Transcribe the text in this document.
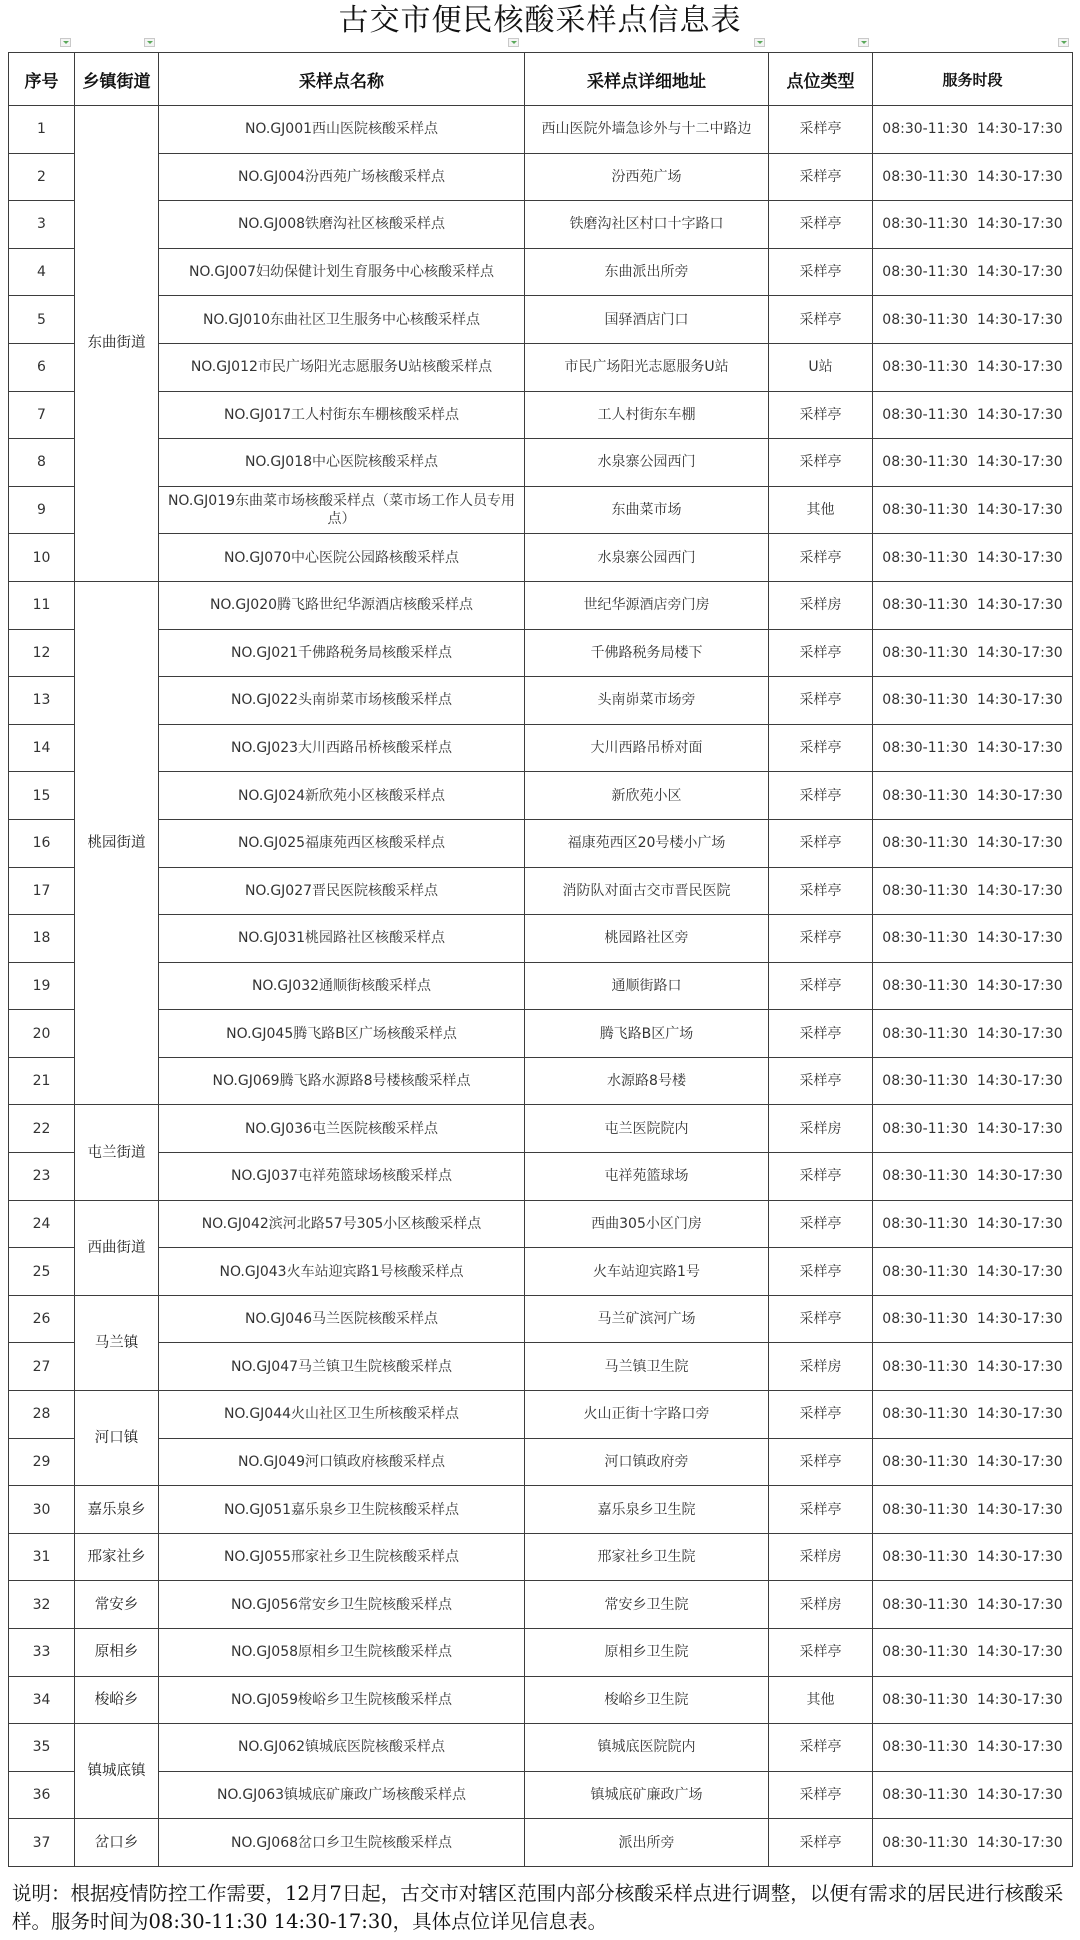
古交市便民核酸采样点信息表
序号	乡镇街道	采样点名称	采样点详细地址	点位类型	服务时段
1	东曲街道	NO.GJ001西山医院核酸采样点	西山医院外墙急诊外与十二中路边	采样亭	08:30-11:30  14:30-17:30
2		NO.GJ004汾西苑广场核酸采样点	汾西苑广场	采样亭	08:30-11:30  14:30-17:30
3		NO.GJ008铁磨沟社区核酸采样点	铁磨沟社区村口十字路口	采样亭	08:30-11:30  14:30-17:30
4		NO.GJ007妇幼保健计划生育服务中心核酸采样点	东曲派出所旁	采样亭	08:30-11:30  14:30-17:30
5		NO.GJ010东曲社区卫生服务中心核酸采样点	国驿酒店门口	采样亭	08:30-11:30  14:30-17:30
6		NO.GJ012市民广场阳光志愿服务U站核酸采样点	市民广场阳光志愿服务U站	U站	08:30-11:30  14:30-17:30
7		NO.GJ017工人村街东车棚核酸采样点	工人村街东车棚	采样亭	08:30-11:30  14:30-17:30
8		NO.GJ018中心医院核酸采样点	水泉寨公园西门	采样亭	08:30-11:30  14:30-17:30
9		NO.GJ019东曲菜市场核酸采样点（菜市场工作人员专用点）	东曲菜市场	其他	08:30-11:30  14:30-17:30
10		NO.GJ070中心医院公园路核酸采样点	水泉寨公园西门	采样亭	08:30-11:30  14:30-17:30
11	桃园街道	NO.GJ020腾飞路世纪华源酒店核酸采样点	世纪华源酒店旁门房	采样房	08:30-11:30  14:30-17:30
12		NO.GJ021千佛路税务局核酸采样点	千佛路税务局楼下	采样亭	08:30-11:30  14:30-17:30
13		NO.GJ022头南峁菜市场核酸采样点	头南峁菜市场旁	采样亭	08:30-11:30  14:30-17:30
14		NO.GJ023大川西路吊桥核酸采样点	大川西路吊桥对面	采样亭	08:30-11:30  14:30-17:30
15		NO.GJ024新欣苑小区核酸采样点	新欣苑小区	采样亭	08:30-11:30  14:30-17:30
16		NO.GJ025福康苑西区核酸采样点	福康苑西区20号楼小广场	采样亭	08:30-11:30  14:30-17:30
17		NO.GJ027晋民医院核酸采样点	消防队对面古交市晋民医院	采样亭	08:30-11:30  14:30-17:30
18		NO.GJ031桃园路社区核酸采样点	桃园路社区旁	采样亭	08:30-11:30  14:30-17:30
19		NO.GJ032通顺街核酸采样点	通顺街路口	采样亭	08:30-11:30  14:30-17:30
20		NO.GJ045腾飞路B区广场核酸采样点	腾飞路B区广场	采样亭	08:30-11:30  14:30-17:30
21		NO.GJ069腾飞路水源路8号楼核酸采样点	水源路8号楼	采样亭	08:30-11:30  14:30-17:30
22	屯兰街道	NO.GJ036屯兰医院核酸采样点	屯兰医院院内	采样房	08:30-11:30  14:30-17:30
23		NO.GJ037屯祥苑篮球场核酸采样点	屯祥苑篮球场	采样亭	08:30-11:30  14:30-17:30
24	西曲街道	NO.GJ042滨河北路57号305小区核酸采样点	西曲305小区门房	采样亭	08:30-11:30  14:30-17:30
25		NO.GJ043火车站迎宾路1号核酸采样点	火车站迎宾路1号	采样亭	08:30-11:30  14:30-17:30
26	马兰镇	NO.GJ046马兰医院核酸采样点	马兰矿滨河广场	采样亭	08:30-11:30  14:30-17:30
27		NO.GJ047马兰镇卫生院核酸采样点	马兰镇卫生院	采样房	08:30-11:30  14:30-17:30
28	河口镇	NO.GJ044火山社区卫生所核酸采样点	火山正街十字路口旁	采样亭	08:30-11:30  14:30-17:30
29		NO.GJ049河口镇政府核酸采样点	河口镇政府旁	采样亭	08:30-11:30  14:30-17:30
30	嘉乐泉乡	NO.GJ051嘉乐泉乡卫生院核酸采样点	嘉乐泉乡卫生院	采样亭	08:30-11:30  14:30-17:30
31	邢家社乡	NO.GJ055邢家社乡卫生院核酸采样点	邢家社乡卫生院	采样房	08:30-11:30  14:30-17:30
32	常安乡	NO.GJ056常安乡卫生院核酸采样点	常安乡卫生院	采样房	08:30-11:30  14:30-17:30
33	原相乡	NO.GJ058原相乡卫生院核酸采样点	原相乡卫生院	采样亭	08:30-11:30  14:30-17:30
34	梭峪乡	NO.GJ059梭峪乡卫生院核酸采样点	梭峪乡卫生院	其他	08:30-11:30  14:30-17:30
35	镇城底镇	NO.GJ062镇城底医院核酸采样点	镇城底医院院内	采样亭	08:30-11:30  14:30-17:30
36		NO.GJ063镇城底矿廉政广场核酸采样点	镇城底矿廉政广场	采样亭	08:30-11:30  14:30-17:30
37	岔口乡	NO.GJ068岔口乡卫生院核酸采样点	派出所旁	采样亭	08:30-11:30  14:30-17:30
说明：根据疫情防控工作需要，12月7日起，古交市对辖区范围内部分核酸采样点进行调整，以便有需求的居民进行核酸采样。服务时间为08:30-11:30 14:30-17:30，具体点位详见信息表。
